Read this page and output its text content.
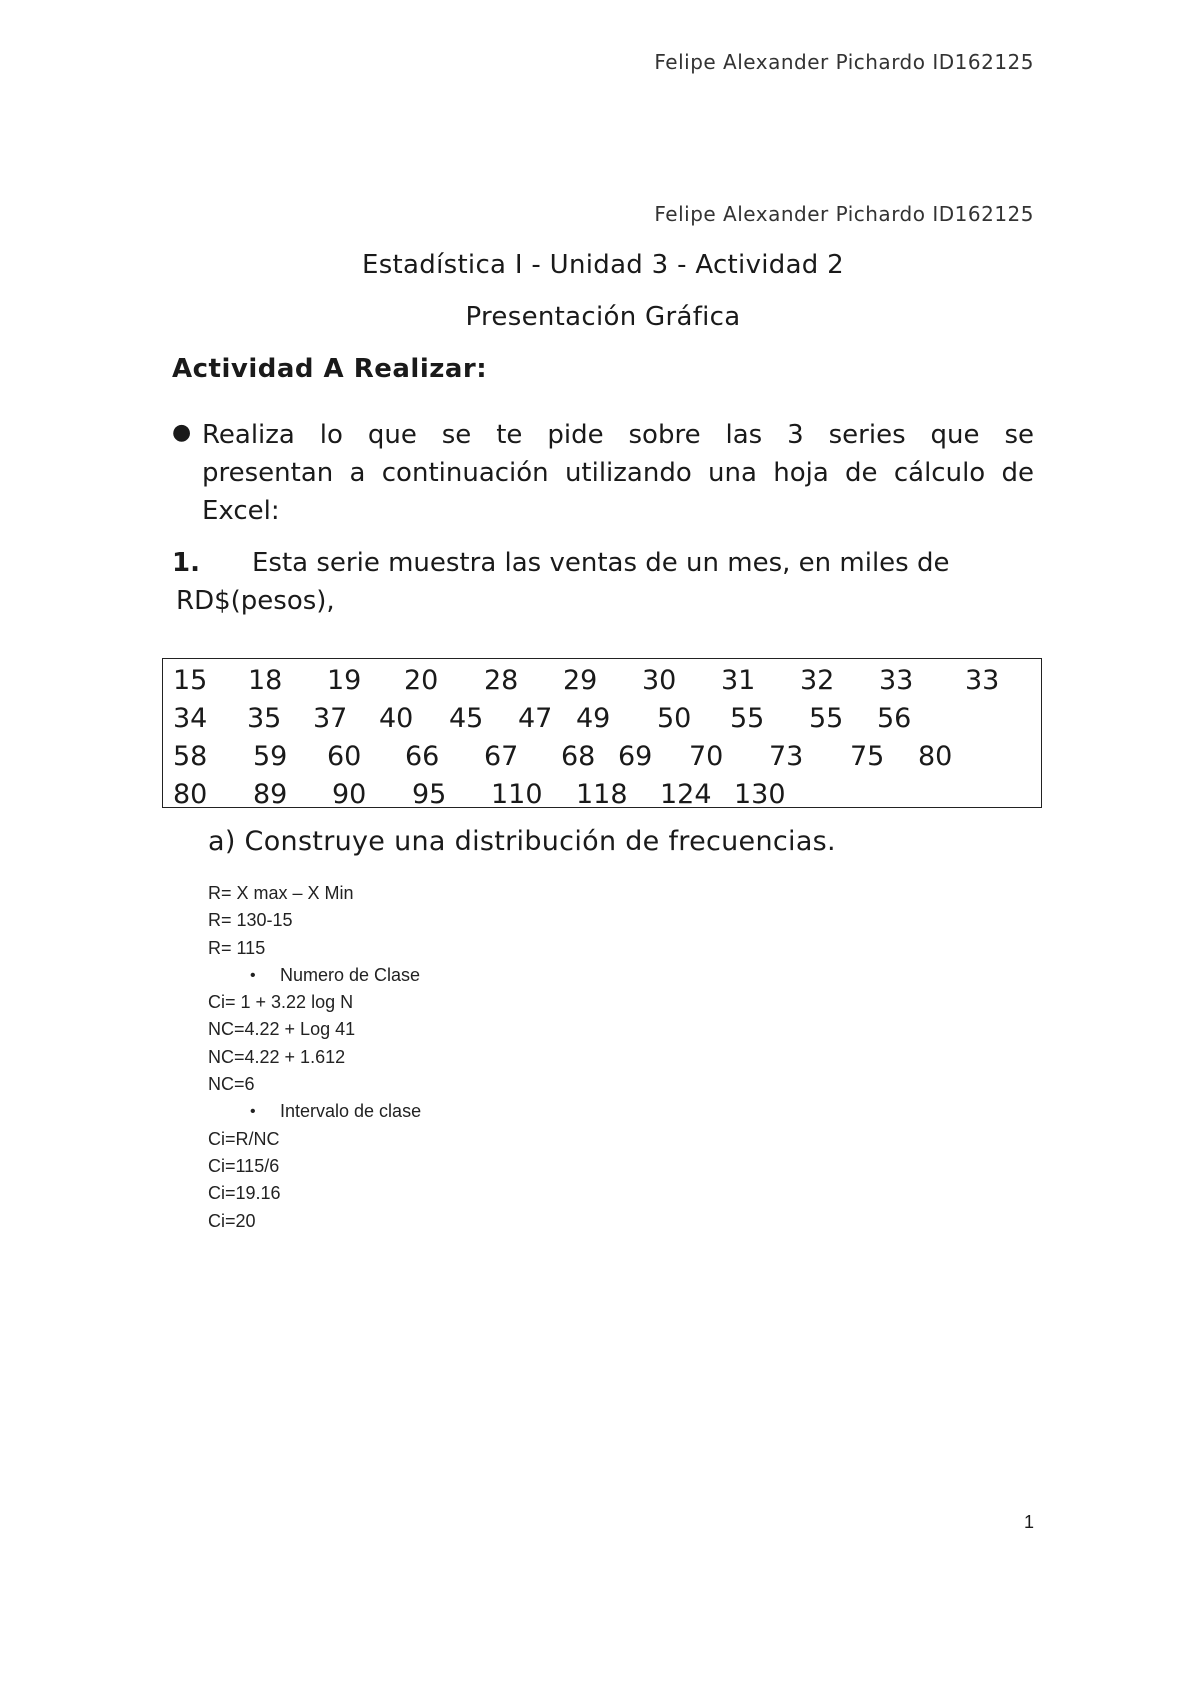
Felipe Alexander Pichardo ID162125
Felipe Alexander Pichardo ID162125
Estadística I - Unidad 3 - Actividad 2
Presentación Gráfica
Actividad A Realizar:
● Realiza lo que se te pide sobre las 3 series que se presentan a continuación utilizando una hoja de cálculo de Excel:
1. Esta serie muestra las ventas de un mes, en miles de
RD$(pesos),
15 18 19 20 28 29 30 31 32 33 33
34 35 37 40 45 47 49 50 55 55 56
58 59 60 66 67 68 69 70 73 75 80
80 89 90 95 110 118 124 130
a) Construye una distribución de frecuencias.
R= X max – X Min
R= 130-15
R= 115
• Numero de Clase
Ci= 1 + 3.22 log N
NC=4.22 + Log 41
NC=4.22 + 1.612
NC=6
• Intervalo de clase
Ci=R/NC
Ci=115/6
Ci=19.16
Ci=20
1
